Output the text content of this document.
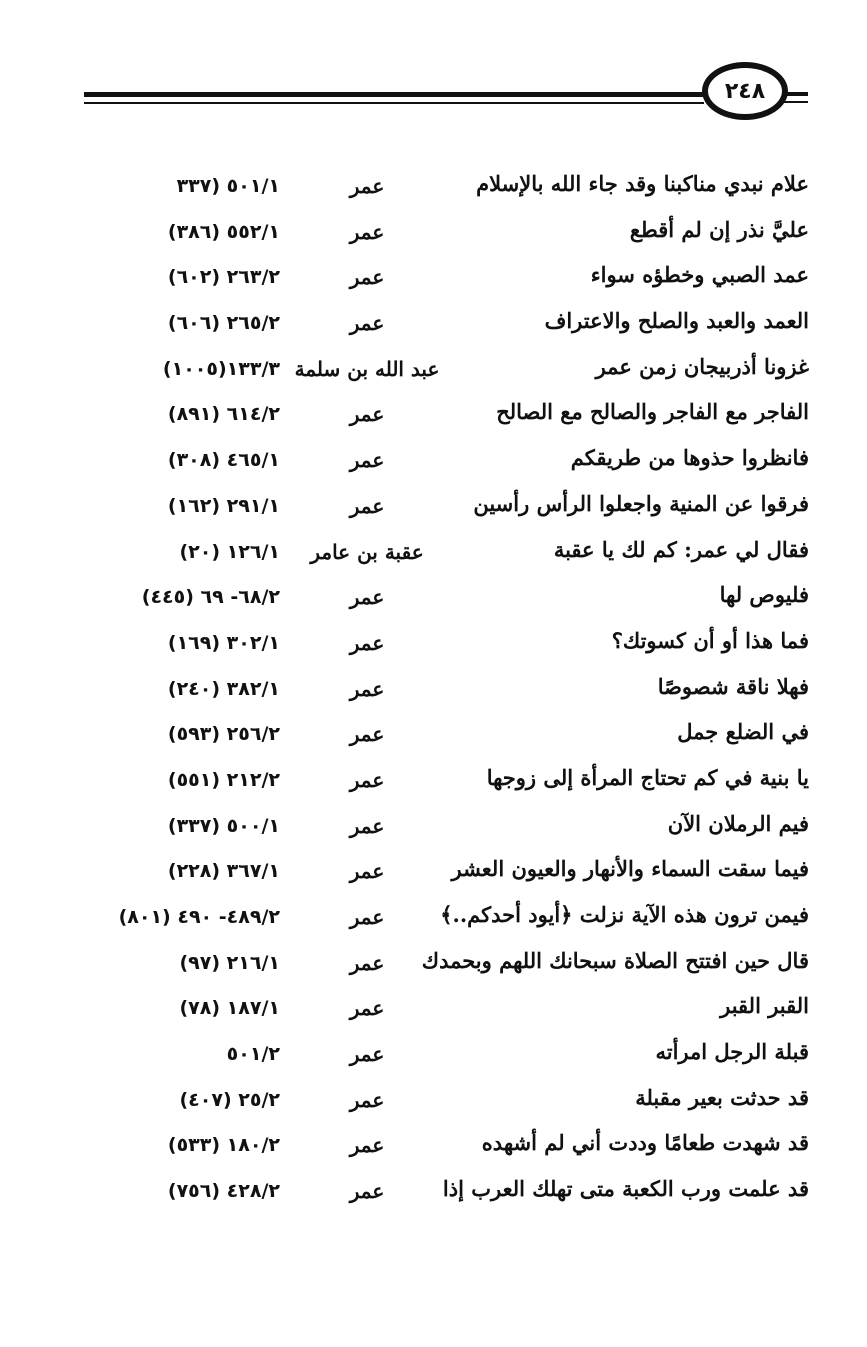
٢٤٨
علام نبدي مناكبنا وقد جاء الله بالإسلام
عمر
٥٠١/١ (٣٣٧
عليَّ نذر إن لم أقطع
عمر
٥٥٢/١ (٣٨٦)
عمد الصبي وخطؤه سواء
عمر
٢٦٣/٢ (٦٠٢)
العمد والعبد والصلح والاعتراف
عمر
٢٦٥/٢ (٦٠٦)
غزونا أذربيجان زمن عمر
عبد الله بن سلمة
١٣٣/٣(١٠٠٥)
الفاجر مع الفاجر والصالح مع الصالح
عمر
٦١٤/٢ (٨٩١)
فانظروا حذوها من طريقكم
عمر
٤٦٥/١ (٣٠٨)
فرقوا عن المنية واجعلوا الرأس رأسين
عمر
٢٩١/١ (١٦٢)
فقال لي عمر: كم لك يا عقبة
عقبة بن عامر
١٢٦/١ (٢٠)
فليوص لها
عمر
٦٨/٢- ٦٩ (٤٤٥)
فما هذا أو أن كسوتك؟
عمر
٣٠٢/١ (١٦٩)
فهلا ناقة شصوصًا
عمر
٣٨٢/١ (٢٤٠)
في الضلع جمل
عمر
٢٥٦/٢ (٥٩٣)
يا بنية في كم تحتاج المرأة إلى زوجها
عمر
٢١٢/٢ (٥٥١)
فيم الرملان الآن
عمر
٥٠٠/١ (٣٣٧)
فيما سقت السماء والأنهار والعيون العشر
عمر
٣٦٧/١ (٢٢٨)
فيمن ترون هذه الآية نزلت ﴿أيود أحدكم..﴾
عمر
٤٨٩/٢- ٤٩٠ (٨٠١)
قال حين افتتح الصلاة سبحانك اللهم وبحمدك
عمر
٢١٦/١ (٩٧)
القبر القبر
عمر
١٨٧/١ (٧٨)
قبلة الرجل امرأته
عمر
٥٠١/٢
قد حدثت بعير مقبلة
عمر
٢٥/٢ (٤٠٧)
قد شهدت طعامًا وددت أني لم أشهده
عمر
١٨٠/٢ (٥٣٣)
قد علمت ورب الكعبة متى تهلك العرب إذا
عمر
٤٢٨/٢ (٧٥٦)
